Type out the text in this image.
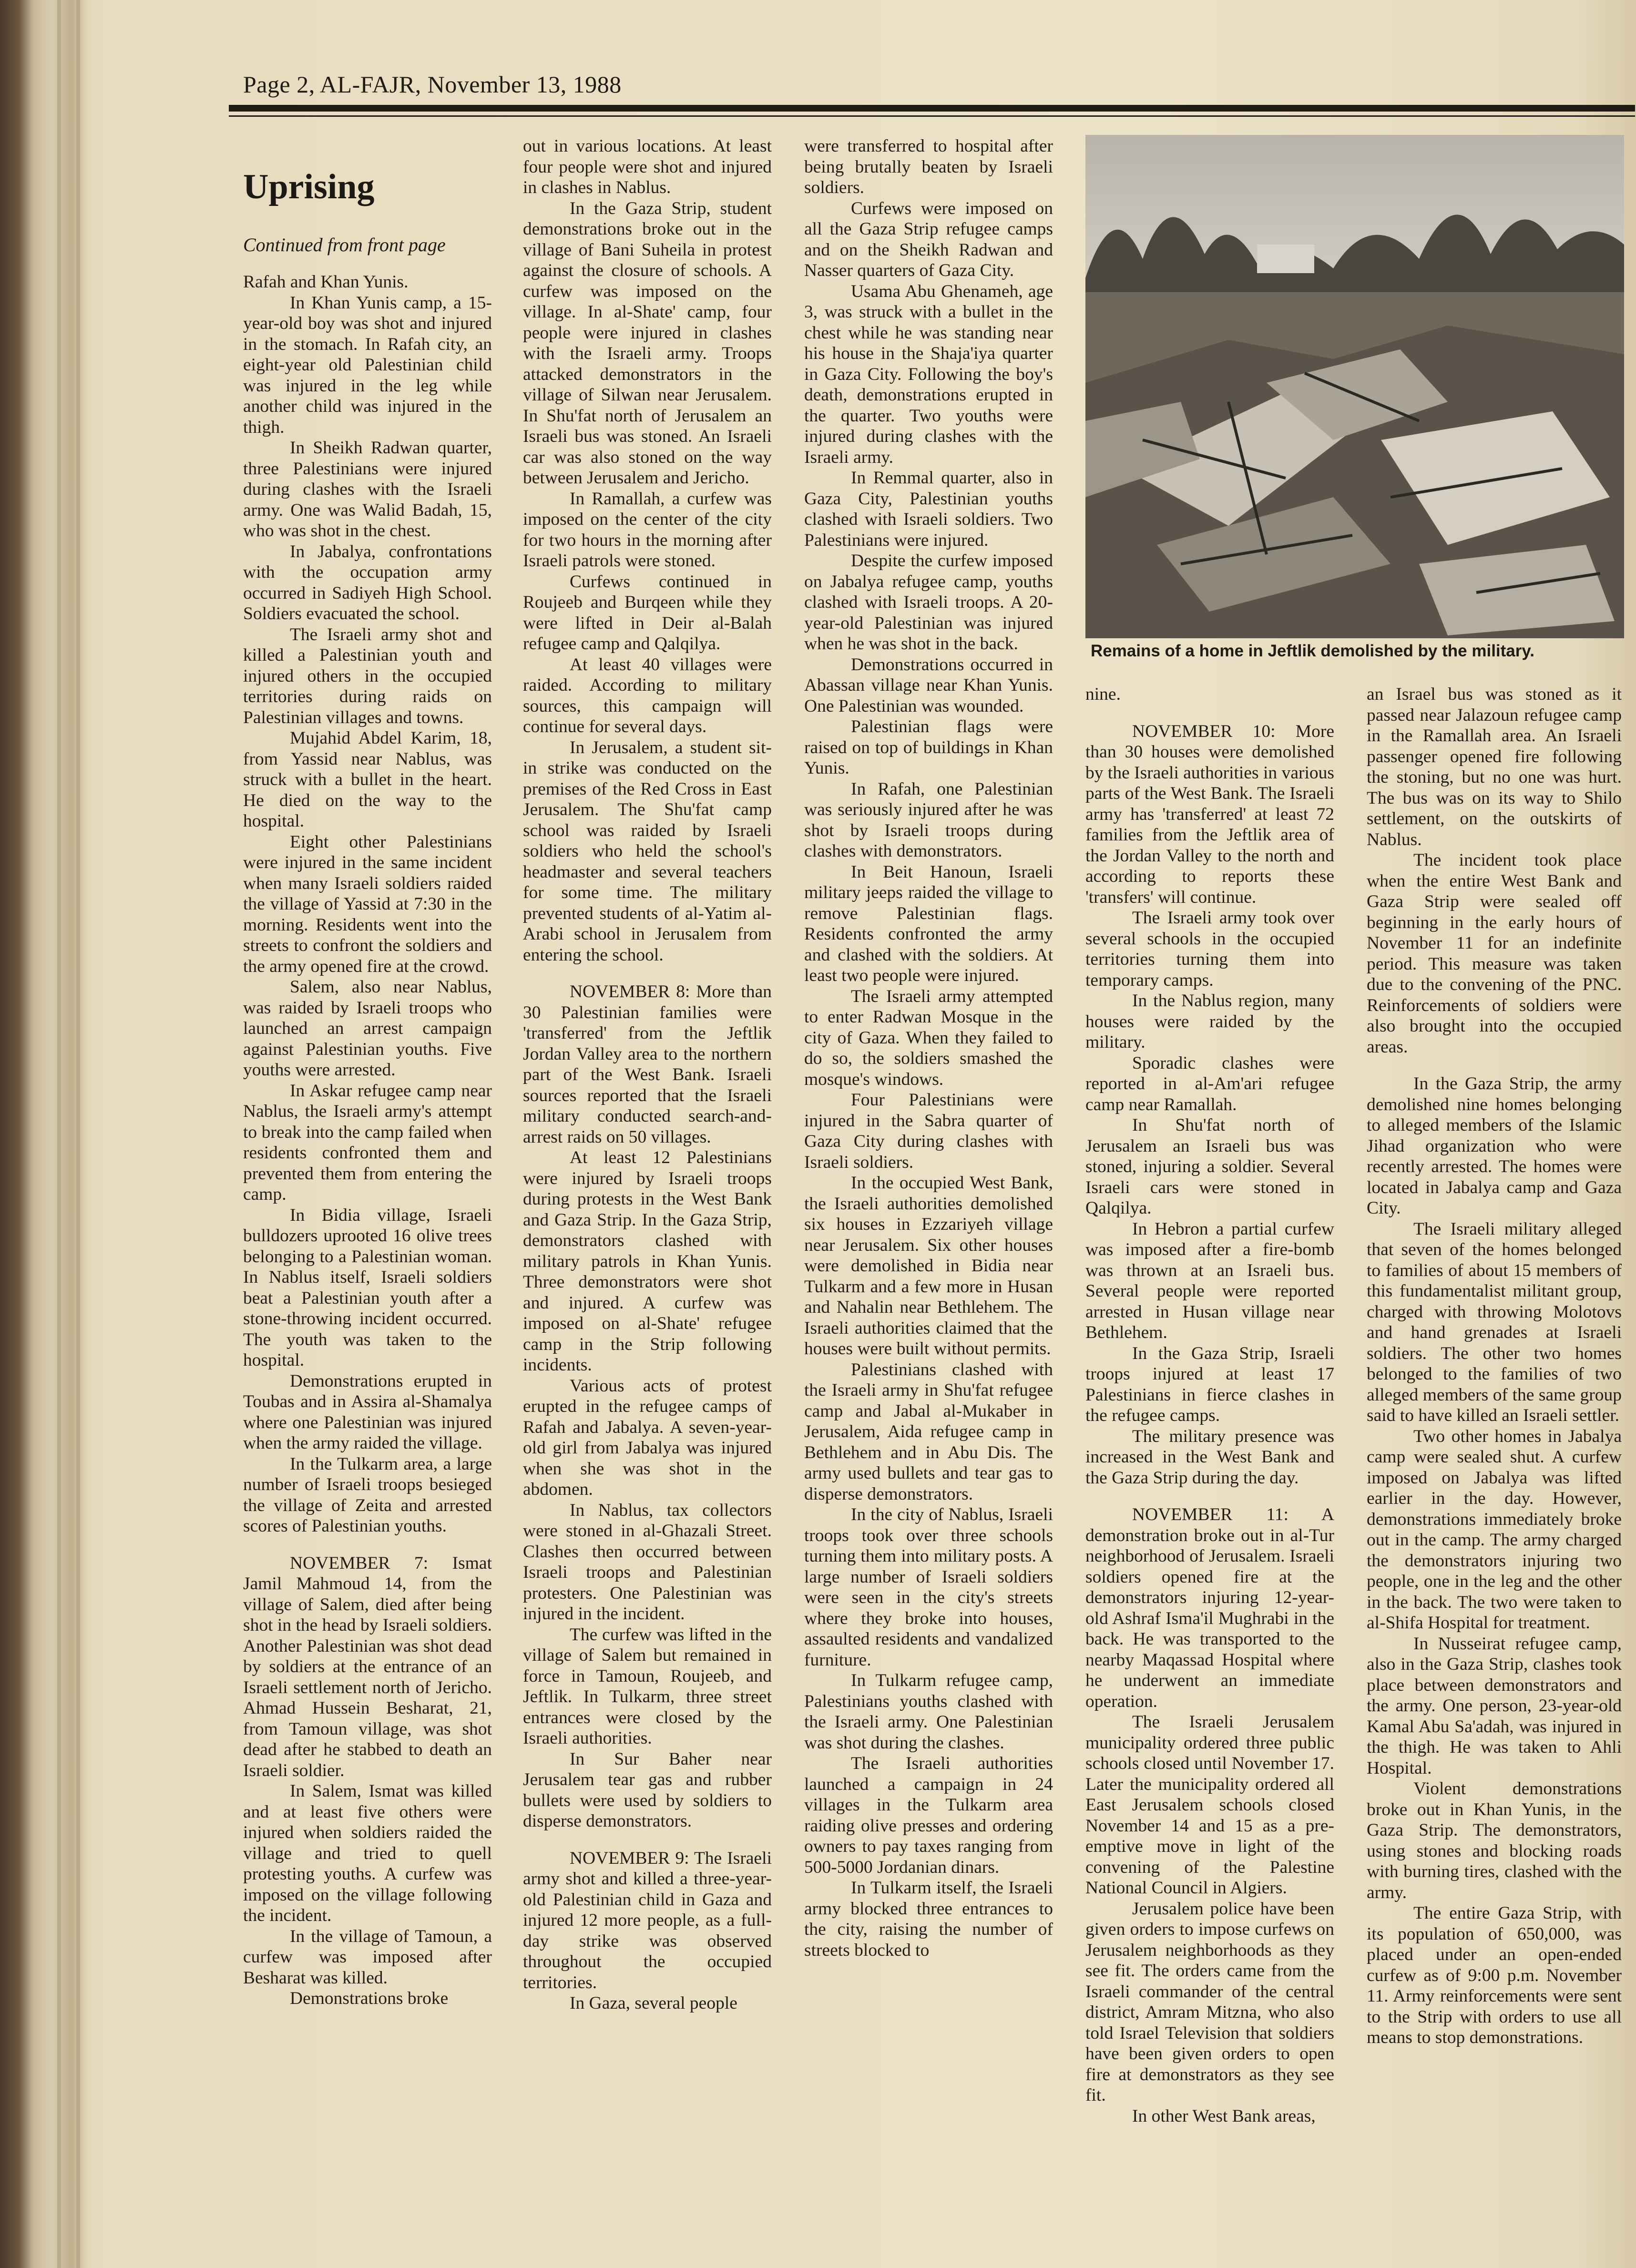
Page 2, AL-FAJR, November 13, 1988
Uprising
Continued from front page
Remains of a home in Jeftlik demolished by the military.

Rafah and Khan Yunis.

In Khan Yunis camp, a 15-year-old boy was shot and injured in the stomach. In Rafah city, an eight-year old Palestinian child was injured in the leg while another child was injured in the thigh.

In Sheikh Radwan quarter, three Palestinians were injured during clashes with the Israeli army. One was Walid Badah, 15, who was shot in the chest.

In Jabalya, confrontations with the occupation army occurred in Sadiyeh High School. Soldiers evacuated the school.

The Israeli army shot and killed a Palestinian youth and injured others in the occupied territories during raids on Palestinian villages and towns.

Mujahid Abdel Karim, 18, from Yassid near Nablus, was struck with a bullet in the heart. He died on the way to the hospital.

Eight other Palestinians were injured in the same incident when many Israeli soldiers raided the village of Yassid at 7:30 in the morning. Residents went into the streets to confront the soldiers and the army opened fire at the crowd.

Salem, also near Nablus, was raided by Israeli troops who launched an arrest campaign against Palestinian youths. Five youths were arrested.

In Askar refugee camp near Nablus, the Israeli army's attempt to break into the camp failed when residents confronted them and prevented them from entering the camp.

In Bidia village, Israeli bulldozers uprooted 16 olive trees belonging to a Palestinian woman. In Nablus itself, Israeli soldiers beat a Palestinian youth after a stone-throwing incident occurred. The youth was taken to the hospital.

Demonstrations erupted in Toubas and in Assira al-Shamalya where one Palestinian was injured when the army raided the village.

In the Tulkarm area, a large number of Israeli troops besieged the village of Zeita and arrested scores of Palestinian youths.

NOVEMBER 7: Ismat Jamil Mahmoud 14, from the village of Salem, died after being shot in the head by Israeli soldiers. Another Palestinian was shot dead by soldiers at the entrance of an Israeli settlement north of Jericho. Ahmad Hussein Besharat, 21, from Tamoun village, was shot dead after he stabbed to death an Israeli soldier.

In Salem, Ismat was killed and at least five others were injured when soldiers raided the village and tried to quell protesting youths. A curfew was imposed on the village following the incident.

In the village of Tamoun, a curfew was imposed after Besharat was killed.

Demonstrations broke

out in various locations. At least four people were shot and injured in clashes in Nablus.

In the Gaza Strip, student demonstrations broke out in the village of Bani Suheila in protest against the closure of schools. A curfew was imposed on the village. In al-Shate' camp, four people were injured in clashes with the Israeli army. Troops attacked demonstrators in the village of Silwan near Jerusalem. In Shu'fat north of Jerusalem an Israeli bus was stoned. An Israeli car was also stoned on the way between Jerusalem and Jericho.

In Ramallah, a curfew was imposed on the center of the city for two hours in the morning after Israeli patrols were stoned.

Curfews continued in Roujeeb and Burqeen while they were lifted in Deir al-Balah refugee camp and Qalqilya.

At least 40 villages were raided. According to military sources, this campaign will continue for several days.

In Jerusalem, a student sit-in strike was conducted on the premises of the Red Cross in East Jerusalem. The Shu'fat camp school was raided by Israeli soldiers who held the school's headmaster and several teachers for some time. The military prevented students of al-Yatim al-Arabi school in Jerusalem from entering the school.

NOVEMBER 8: More than 30 Palestinian families were 'transferred' from the Jeftlik Jordan Valley area to the northern part of the West Bank. Israeli sources reported that the Israeli military conducted search-and-arrest raids on 50 villages.

At least 12 Palestinians were injured by Israeli troops during protests in the West Bank and Gaza Strip. In the Gaza Strip, demonstrators clashed with military patrols in Khan Yunis. Three demonstrators were shot and injured. A curfew was imposed on al-Shate' refugee camp in the Strip following incidents.

Various acts of protest erupted in the refugee camps of Rafah and Jabalya. A seven-year-old girl from Jabalya was injured when she was shot in the abdomen.

In Nablus, tax collectors were stoned in al-Ghazali Street. Clashes then occurred between Israeli troops and Palestinian protesters. One Palestinian was injured in the incident.

The curfew was lifted in the village of Salem but remained in force in Tamoun, Roujeeb, and Jeftlik. In Tulkarm, three street entrances were closed by the Israeli authorities.

In Sur Baher near Jerusalem tear gas and rubber bullets were used by soldiers to disperse demonstrators.

NOVEMBER 9: The Israeli army shot and killed a three-year-old Palestinian child in Gaza and injured 12 more people, as a full-day strike was observed throughout the occupied territories.

In Gaza, several people

were transferred to hospital after being brutally beaten by Israeli soldiers.

Curfews were imposed on all the Gaza Strip refugee camps and on the Sheikh Radwan and Nasser quarters of Gaza City.

Usama Abu Ghenameh, age 3, was struck with a bullet in the chest while he was standing near his house in the Shaja'iya quarter in Gaza City. Following the boy's death, demonstrations erupted in the quarter. Two youths were injured during clashes with the Israeli army.

In Remmal quarter, also in Gaza City, Palestinian youths clashed with Israeli soldiers. Two Palestinians were injured.

Despite the curfew imposed on Jabalya refugee camp, youths clashed with Israeli troops. A 20-year-old Palestinian was injured when he was shot in the back.

Demonstrations occurred in Abassan village near Khan Yunis. One Palestinian was wounded.

Palestinian flags were raised on top of buildings in Khan Yunis.

In Rafah, one Palestinian was seriously injured after he was shot by Israeli troops during clashes with demonstrators.

In Beit Hanoun, Israeli military jeeps raided the village to remove Palestinian flags. Residents confronted the army and clashed with the soldiers. At least two people were injured.

The Israeli army attempted to enter Radwan Mosque in the city of Gaza. When they failed to do so, the soldiers smashed the mosque's windows.

Four Palestinians were injured in the Sabra quarter of Gaza City during clashes with Israeli soldiers.

In the occupied West Bank, the Israeli authorities demolished six houses in Ezzariyeh village near Jerusalem. Six other houses were demolished in Bidia near Tulkarm and a few more in Husan and Nahalin near Bethlehem. The Israeli authorities claimed that the houses were built without permits.

Palestinians clashed with the Israeli army in Shu'fat refugee camp and Jabal al-Mukaber in Jerusalem, Aida refugee camp in Bethlehem and in Abu Dis. The army used bullets and tear gas to disperse demonstrators.

In the city of Nablus, Israeli troops took over three schools turning them into military posts. A large number of Israeli soldiers were seen in the city's streets where they broke into houses, assaulted residents and vandalized furniture.

In Tulkarm refugee camp, Palestinians youths clashed with the Israeli army. One Palestinian was shot during the clashes.

The Israeli authorities launched a campaign in 24 villages in the Tulkarm area raiding olive presses and ordering owners to pay taxes ranging from 500-5000 Jordanian dinars.

In Tulkarm itself, the Israeli army blocked three entrances to the city, raising the number of streets blocked to

nine.

NOVEMBER 10: More than 30 houses were demolished by the Israeli authorities in various parts of the West Bank. The Israeli army has 'transferred' at least 72 families from the Jeftlik area of the Jordan Valley to the north and according to reports these 'transfers' will continue.

The Israeli army took over several schools in the occupied territories turning them into temporary camps.

In the Nablus region, many houses were raided by the military.

Sporadic clashes were reported in al-Am'ari refugee camp near Ramallah.

In Shu'fat north of Jerusalem an Israeli bus was stoned, injuring a soldier. Several Israeli cars were stoned in Qalqilya.

In Hebron a partial curfew was imposed after a fire-bomb was thrown at an Israeli bus. Several people were reported arrested in Husan village near Bethlehem.

In the Gaza Strip, Israeli troops injured at least 17 Palestinians in fierce clashes in the refugee camps.

The military presence was increased in the West Bank and the Gaza Strip during the day.

NOVEMBER 11: A demonstration broke out in al-Tur neighborhood of Jerusalem. Israeli soldiers opened fire at the demonstrators injuring 12-year-old Ashraf Isma'il Mughrabi in the back. He was transported to the nearby Maqassad Hospital where he underwent an immediate operation.

The Israeli Jerusalem municipality ordered three public schools closed until November 17. Later the municipality ordered all East Jerusalem schools closed November 14 and 15 as a pre-emptive move in light of the convening of the Palestine National Council in Algiers.

Jerusalem police have been given orders to impose curfews on Jerusalem neighborhoods as they see fit. The orders came from the Israeli commander of the central district, Amram Mitzna, who also told Israel Television that soldiers have been given orders to open fire at demonstrators as they see fit.

In other West Bank areas,

an Israel bus was stoned as it passed near Jalazoun refugee camp in the Ramallah area. An Israeli passenger opened fire following the stoning, but no one was hurt. The bus was on its way to Shilo settlement, on the outskirts of Nablus.

The incident took place when the entire West Bank and Gaza Strip were sealed off beginning in the early hours of November 11 for an indefinite period. This measure was taken due to the convening of the PNC. Reinforcements of soldiers were also brought into the occupied areas.

In the Gaza Strip, the army demolished nine homes belonging to alleged members of the Islamic Jihad organization who were recently arrested. The homes were located in Jabalya camp and Gaza City.

The Israeli military alleged that seven of the homes belonged to families of about 15 members of this fundamentalist militant group, charged with throwing Molotovs and hand grenades at Israeli soldiers. The other two homes belonged to the families of two alleged members of the same group said to have killed an Israeli settler.

Two other homes in Jabalya camp were sealed shut. A curfew imposed on Jabalya was lifted earlier in the day. However, demonstrations immediately broke out in the camp. The army charged the demonstrators injuring two people, one in the leg and the other in the back. The two were taken to al-Shifa Hospital for treatment.

In Nusseirat refugee camp, also in the Gaza Strip, clashes took place between demonstrators and the army. One person, 23-year-old Kamal Abu Sa'adah, was injured in the thigh. He was taken to Ahli Hospital.

Violent demonstrations broke out in Khan Yunis, in the Gaza Strip. The demonstrators, using stones and blocking roads with burning tires, clashed with the army.

The entire Gaza Strip, with its population of 650,000, was placed under an open-ended curfew as of 9:00 p.m. November 11. Army reinforcements were sent to the Strip with orders to use all means to stop demonstrations.
